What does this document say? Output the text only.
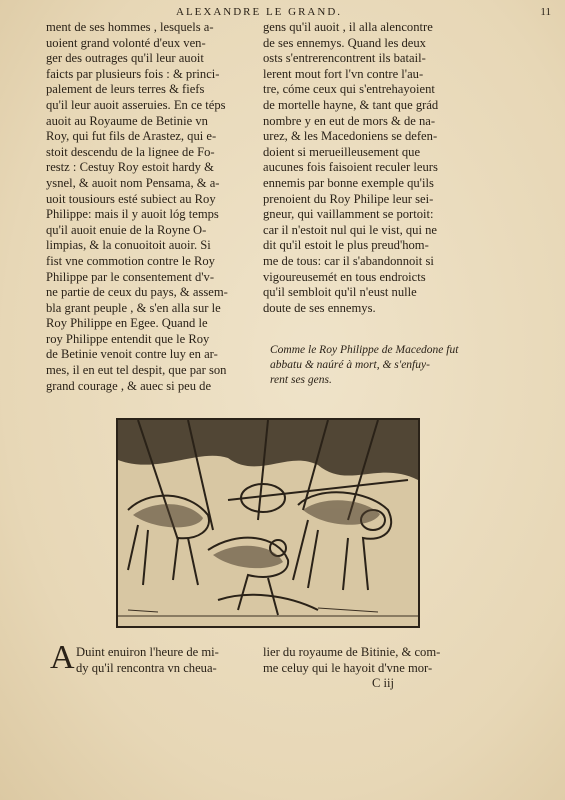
ALEXANDRE LE GRAND.	11
ment de ses hommes , lesquels a-
uoient grand volonté d'eux ven-
ger des outrages qu'il leur auoit
faicts par plusieurs fois : & princi-
palement de leurs terres & fiefs
qu'il leur auoit asseruies. En ce téps
auoit au Royaume de Betinie vn
Roy, qui fut fils de Arastez, qui e-
stoit descendu de la lignee de Fo-
restz : Cestuy Roy estoit hardy &
ysnel, & auoit nom Pensama, & a-
uoit tousiours esté subiect au Roy
Philippe: mais il y auoit lóg temps
qu'il auoit enuie de la Royne O-
limpias, & la conuoitoit auoir. Si
fist vne commotion contre le Roy
Philippe par le consentement d'v-
ne partie de ceux du pays, & assem-
bla grant peuple , & s'en alla sur le
Roy Philippe en Egee. Quand le
roy Philippe entendit que le Roy
de Betinie venoit contre luy en ar-
mes, il en eut tel despit, que par son
grand courage , & auec si peu de
gens qu'il auoit , il alla alencontre
de ses ennemys. Quand les deux
osts s'entrerencontrent ils batail-
lerent mout fort l'vn contre l'au-
tre, cóme ceux qui s'entrehayoient
de mortelle hayne, & tant que grád
nombre y en eut de mors & de na-
urez, & les Macedoniens se defen-
doient si merueilleusement que
aucunes fois faisoient reculer leurs
ennemis par bonne exemple qu'ils
prenoient du Roy Philipe leur sei-
gneur, qui vaillamment se portoit:
car il n'estoit nul qui le vist, qui ne
dit qu'il estoit le plus preud'hom-
me de tous: car il s'abandonnoit si
vigoureusemét en tous endroicts
qu'il sembloit qu'il n'eust nulle
doute de ses ennemys.
Comme le Roy Philippe de Macedone fut
abbatu & naúré à mort, & s'enfuy-
rent ses gens.
A Duint enuiron l'heure de mi-
dy qu'il rencontra vn cheua-
lier du royaume de Bitinie, & com-
me celuy qui le hayoit d'vne mor-
C iij
